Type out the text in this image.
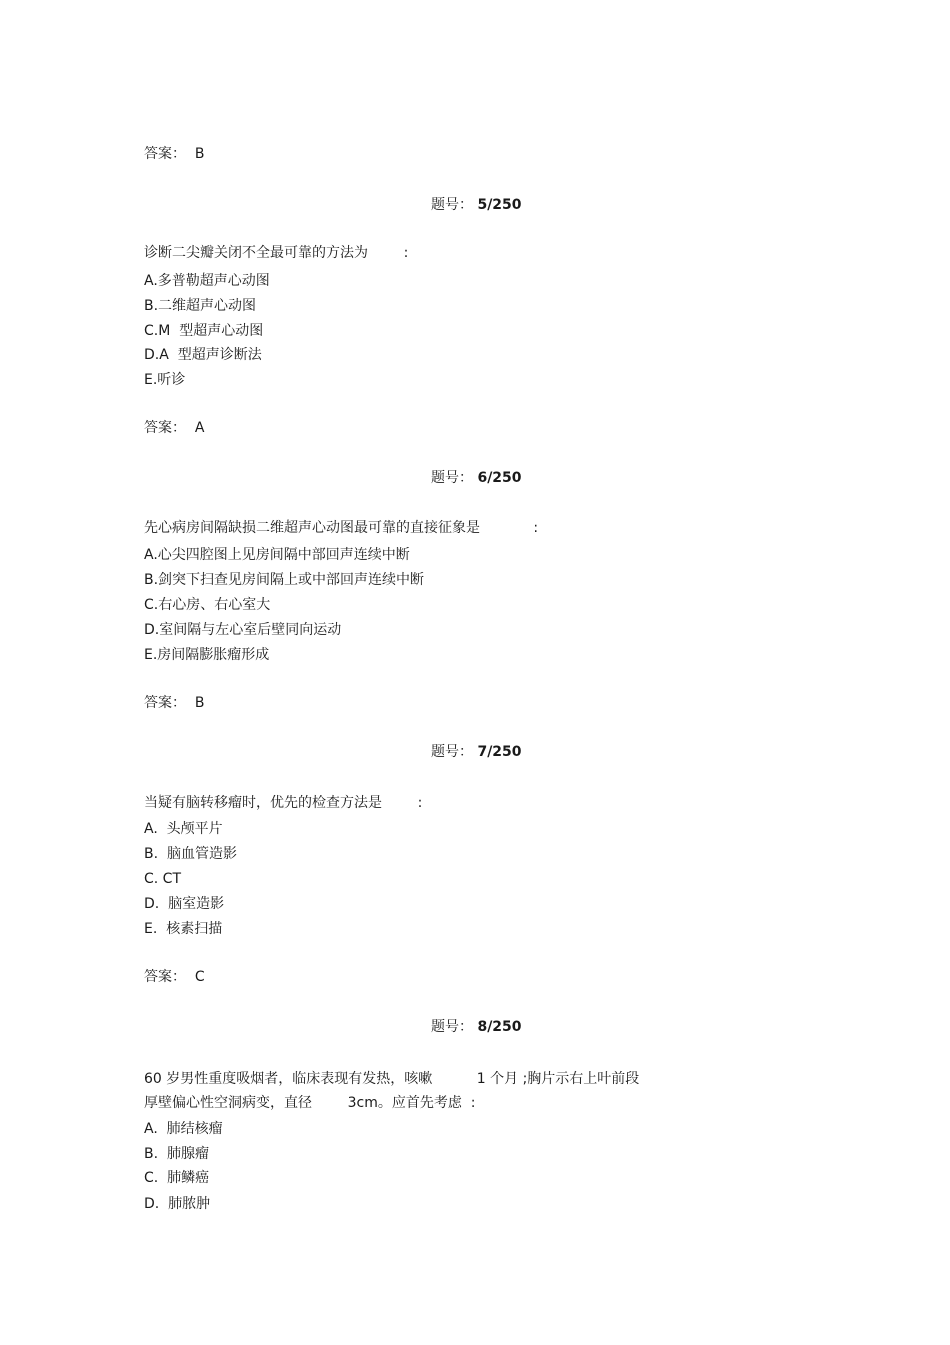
答案：  B
题号： 5/250
诊断二尖瓣关闭不全最可靠的方法为        :
A.多普勒超声心动图
B.二维超声心动图
C.M  型超声心动图
D.A  型超声诊断法
E.听诊
答案：  A
题号： 6/250
先心病房间隔缺损二维超声心动图最可靠的直接征象是            :
A.心尖四腔图上见房间隔中部回声连续中断
B.剑突下扫查见房间隔上或中部回声连续中断
C.右心房、右心室大
D.室间隔与左心室后壁同向运动
E.房间隔膨胀瘤形成
答案：  B
题号： 7/250
当疑有脑转移瘤时，优先的检查方法是        :
A.  头颅平片
B.  脑血管造影
C. CT
D.  脑室造影
E.  核素扫描
答案：  C
题号： 8/250
60 岁男性重度吸烟者，临床表现有发热，咳嗽          1 个月 ;胸片示右上叶前段
厚壁偏心性空洞病变，直径        3cm。应首先考虑  :
A.  肺结核瘤
B.  肺腺瘤
C.  肺鳞癌
D.  肺脓肿
